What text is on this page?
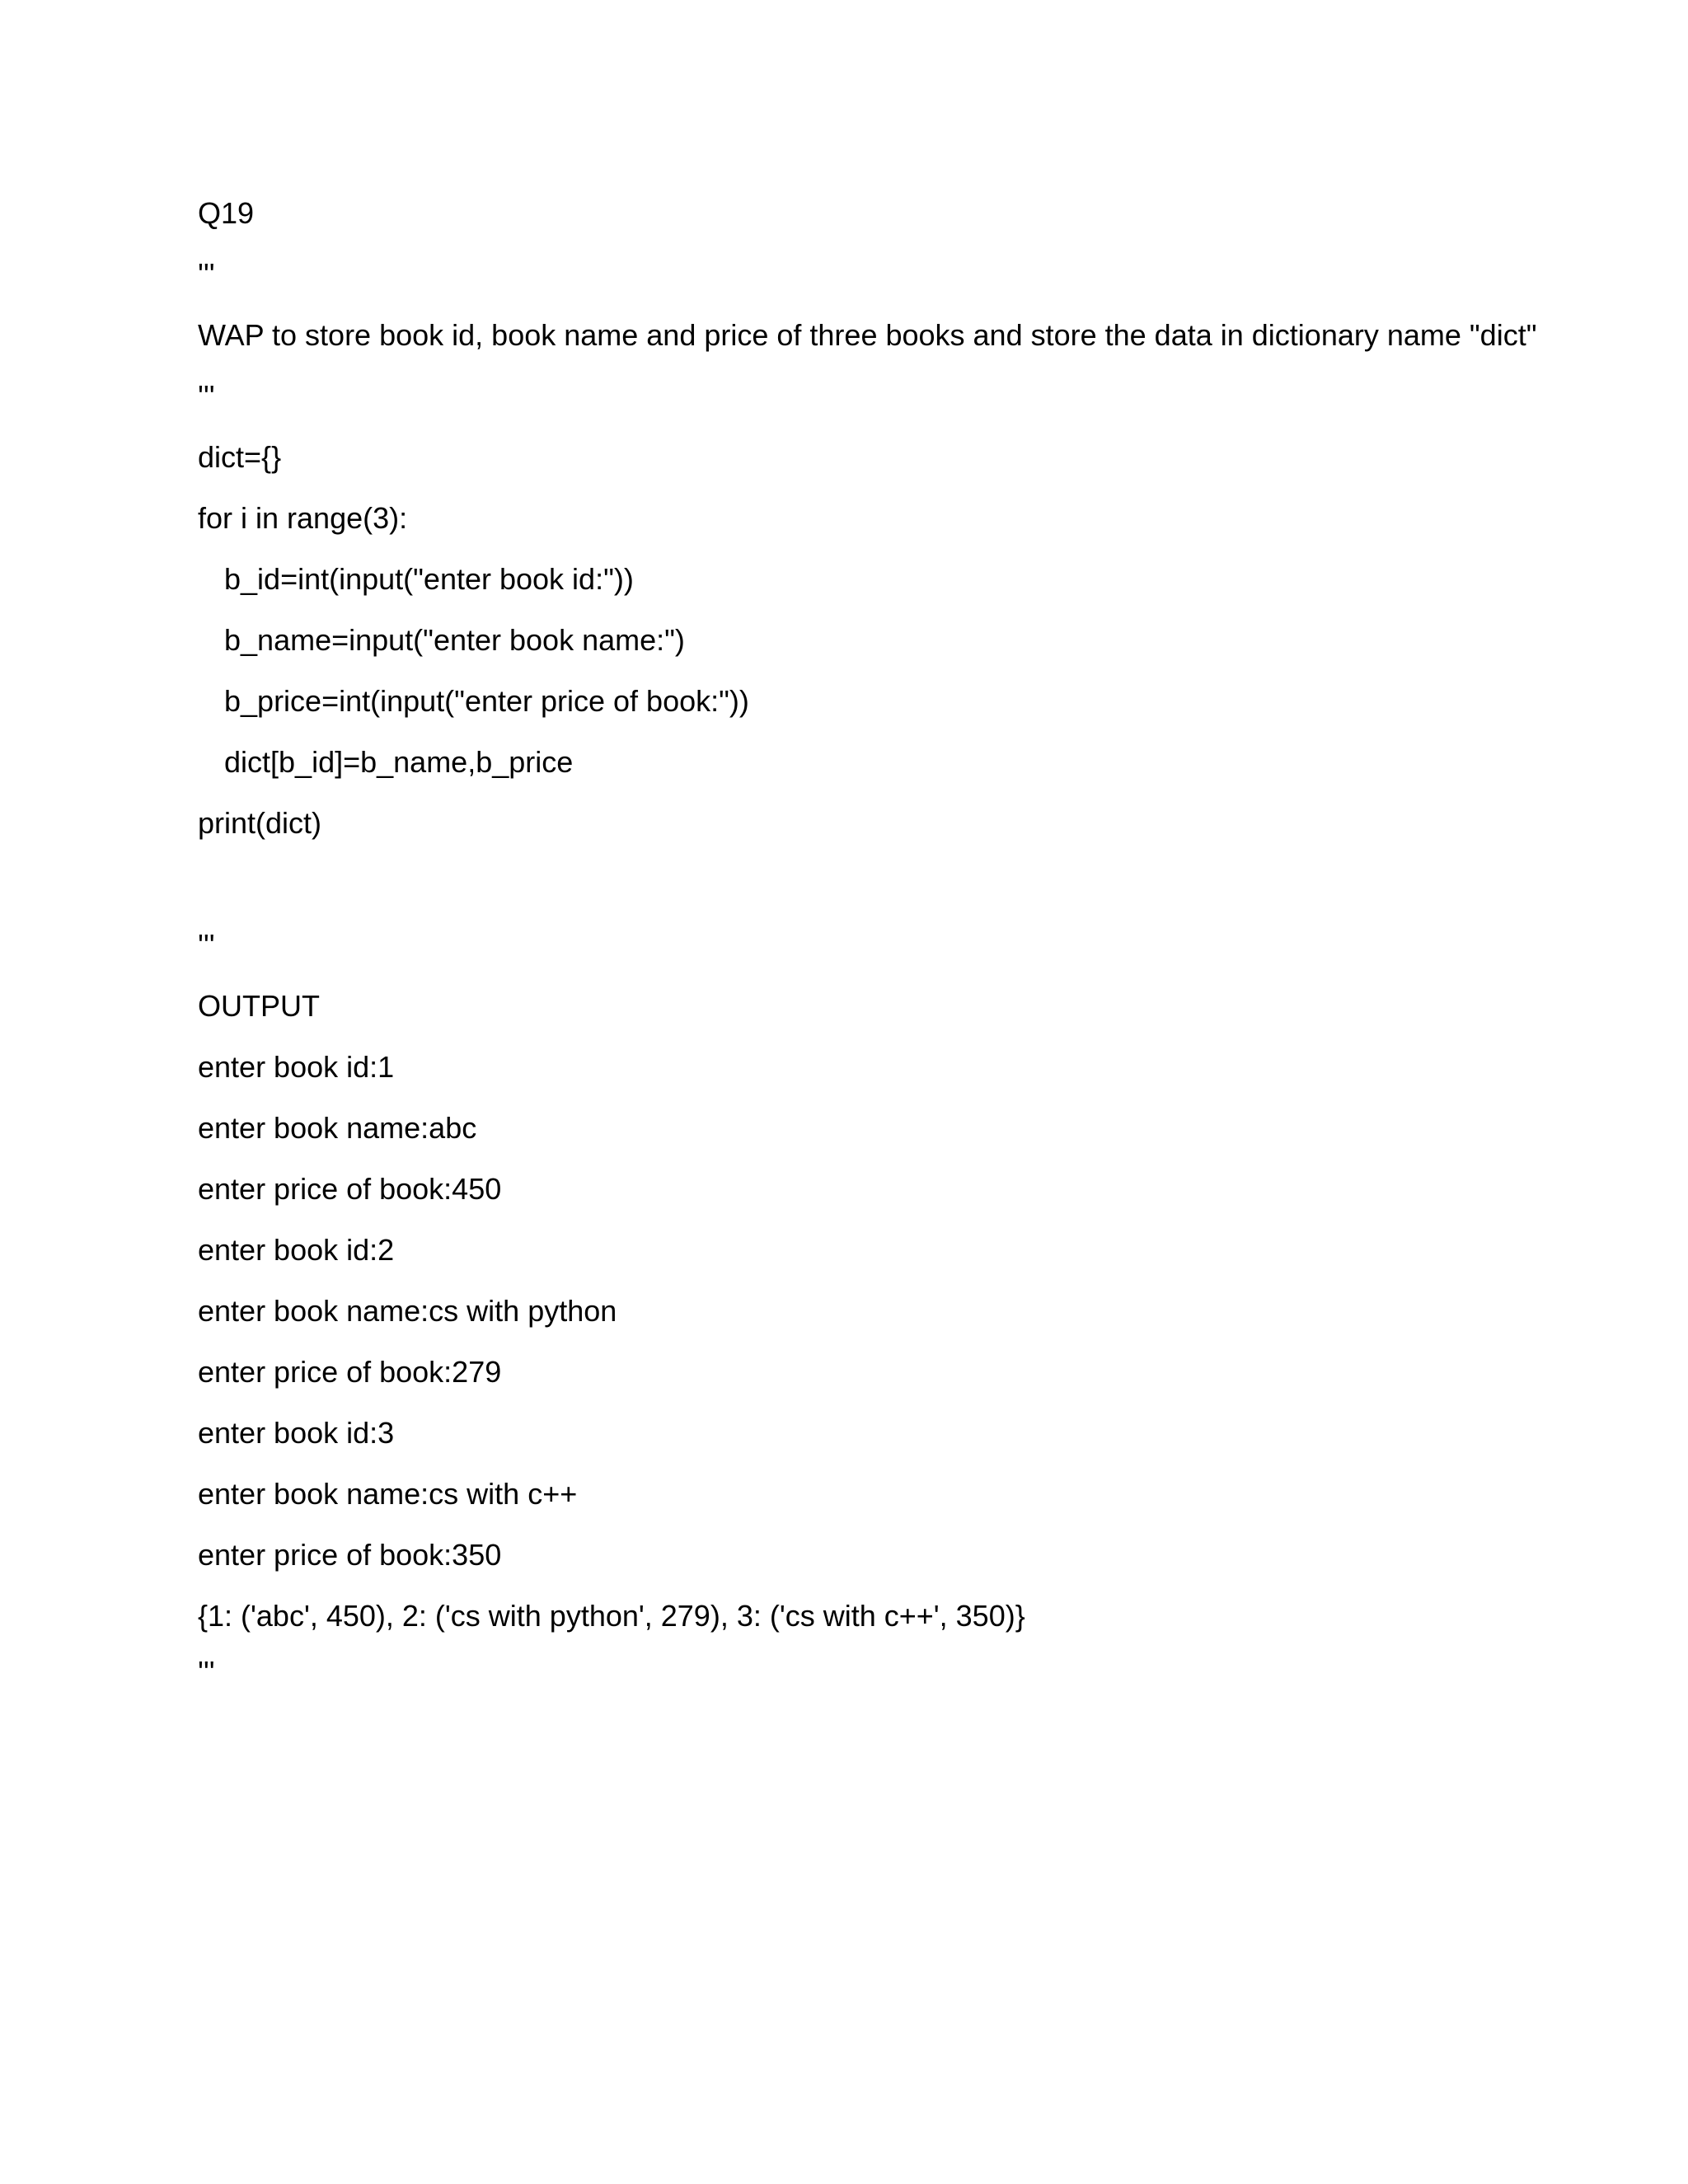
Q19

'''

WAP to store book id, book name and price of three books and store the data in dictionary name "dict"

'''

dict={}

for i in range(3):

b_id=int(input("enter book id:"))

b_name=input("enter book name:")

b_price=int(input("enter price of book:"))

dict[b_id]=b_name,b_price

print(dict)

'''

OUTPUT

enter book id:1

enter book name:abc

enter price of book:450

enter book id:2

enter book name:cs with python

enter price of book:279

enter book id:3

enter book name:cs with c++

enter price of book:350

{1: ('abc', 450), 2: ('cs with python', 279), 3: ('cs with c++', 350)}

'''
